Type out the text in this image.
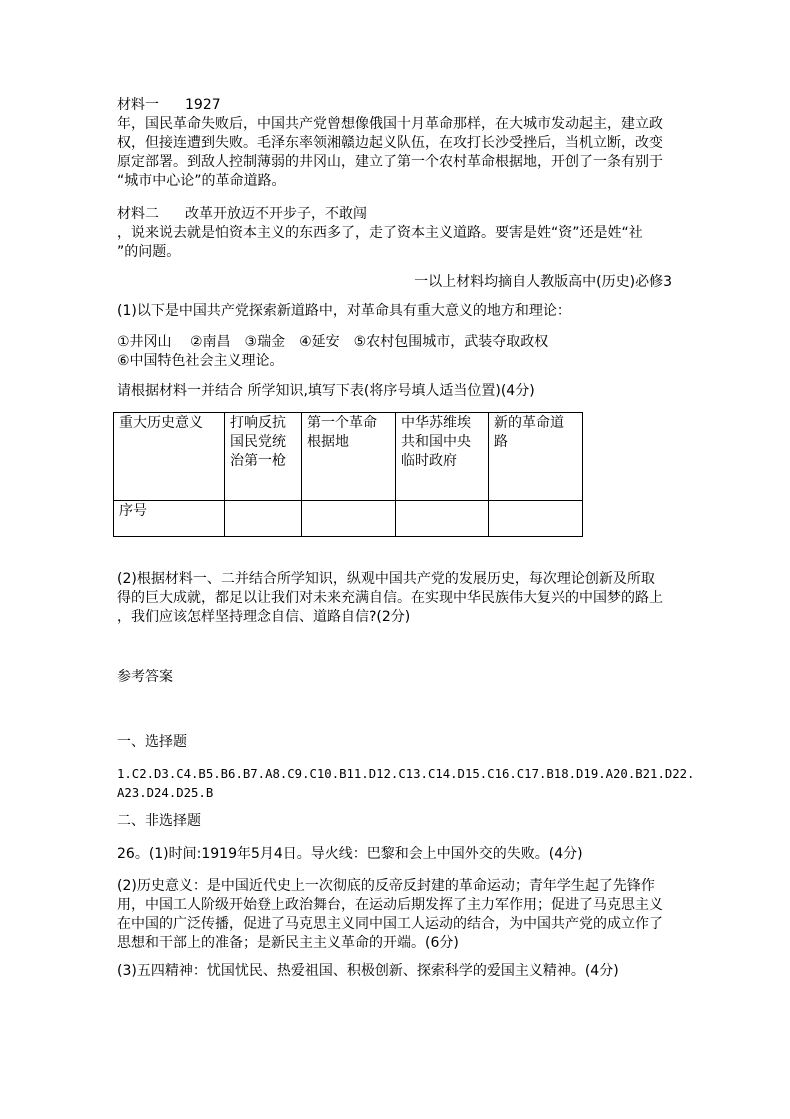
材料一 1927
年，国民革命失败后，中国共产党曾想像俄国十月革命那样，在大城市发动起主，建立政
权，但接连遭到失败。毛泽东率领湘赣边起义队伍，在攻打长沙受挫后，当机立断，改变
原定部署。到敌人控制薄弱的井冈山，建立了第一个农村革命根据地，开创了一条有别于
“城市中心论”的革命道路。
材料二 改革开放迈不开步子，不敢闯
，说来说去就是怕资本主义的东西多了，走了资本主义道路。要害是姓“资”还是姓“社
”的问题。
一以上材料均摘自人教版高中(历史)必修3
(1)以下是中国共产党探索新道路中，对革命具有重大意义的地方和理论：
①井冈山　 ②南昌　③瑞金　④延安　⑤农村包围城市，武装夺取政权
⑥中国特色社会主义理论。
请根据材料一并结合 所学知识,填写下表(将序号填人适当位置)(4分)
重大历史意义	打响反抗国民党统治第一枪	第一个革命根据地	中华苏维埃共和国中央临时政府	新的革命道路
序号				
(2)根据材料一、二并结合所学知识，纵观中国共产党的发展历史，每次理论创新及所取
得的巨大成就，都足以让我们对未来充满自信。在实现中华民族伟大复兴的中国梦的路上
，我们应该怎样坚持理念自信、道路自信?(2分)
参考答案
一、选择题
1.C2.D3.C4.B5.B6.B7.A8.C9.C10.B11.D12.C13.C14.D15.C16.C17.B18.D19.A20.B21.D22.
A23.D24.D25.B
二、非选择题
26。(1)时间:1919年5月4日。导火线：巴黎和会上中国外交的失败。(4分)
(2)历史意义：是中国近代史上一次彻底的反帝反封建的革命运动；青年学生起了先锋作
用，中国工人阶级开始登上政治舞台，在运动后期发挥了主力军作用；促进了马克思主义
在中国的广泛传播，促进了马克思主义同中国工人运动的结合，为中国共产党的成立作了
思想和干部上的准备；是新民主主义革命的开端。(6分)
(3)五四精神：忧国忧民、热爱祖国、积极创新、探索科学的爱国主义精神。(4分)
